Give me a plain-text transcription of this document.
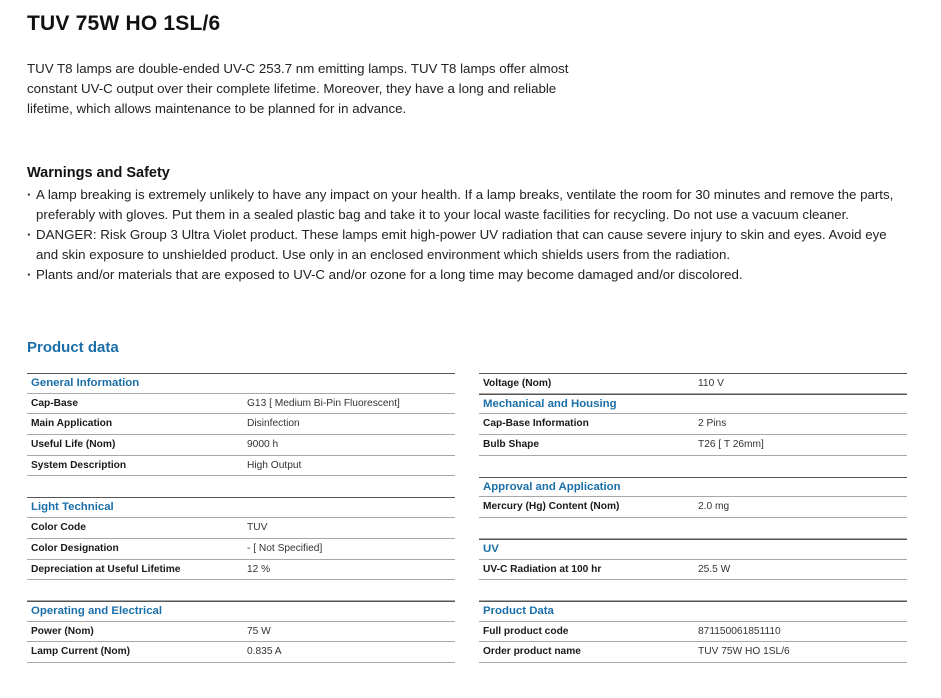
TUV 75W HO 1SL/6
TUV T8 lamps are double-ended UV-C 253.7 nm emitting lamps. TUV T8 lamps offer almost constant UV-C output over their complete lifetime. Moreover, they have a long and reliable lifetime, which allows maintenance to be planned for in advance.
Warnings and Safety
· A lamp breaking is extremely unlikely to have any impact on your health. If a lamp breaks, ventilate the room for 30 minutes and remove the parts, preferably with gloves. Put them in a sealed plastic bag and take it to your local waste facilities for recycling. Do not use a vacuum cleaner.
· DANGER: Risk Group 3 Ultra Violet product. These lamps emit high-power UV radiation that can cause severe injury to skin and eyes. Avoid eye and skin exposure to unshielded product. Use only in an enclosed environment which shields users from the radiation.
· Plants and/or materials that are exposed to UV-C and/or ozone for a long time may become damaged and/or discolored.
Product data
General Information
Cap-Base	G13 [ Medium Bi-Pin Fluorescent]
Main Application	Disinfection
Useful Life (Nom)	9000 h
System Description	High Output
Light Technical
Color Code	TUV
Color Designation	- [ Not Specified]
Depreciation at Useful Lifetime	12 %
Operating and Electrical
Power (Nom)	75 W
Lamp Current (Nom)	0.835 A
Voltage (Nom)	110 V
Mechanical and Housing
Cap-Base Information	2 Pins
Bulb Shape	T26 [ T 26mm]
Approval and Application
Mercury (Hg) Content (Nom)	2.0 mg
UV
UV-C Radiation at 100 hr	25.5 W
Product Data
Full product code	871150061851110
Order product name	TUV 75W HO 1SL/6
